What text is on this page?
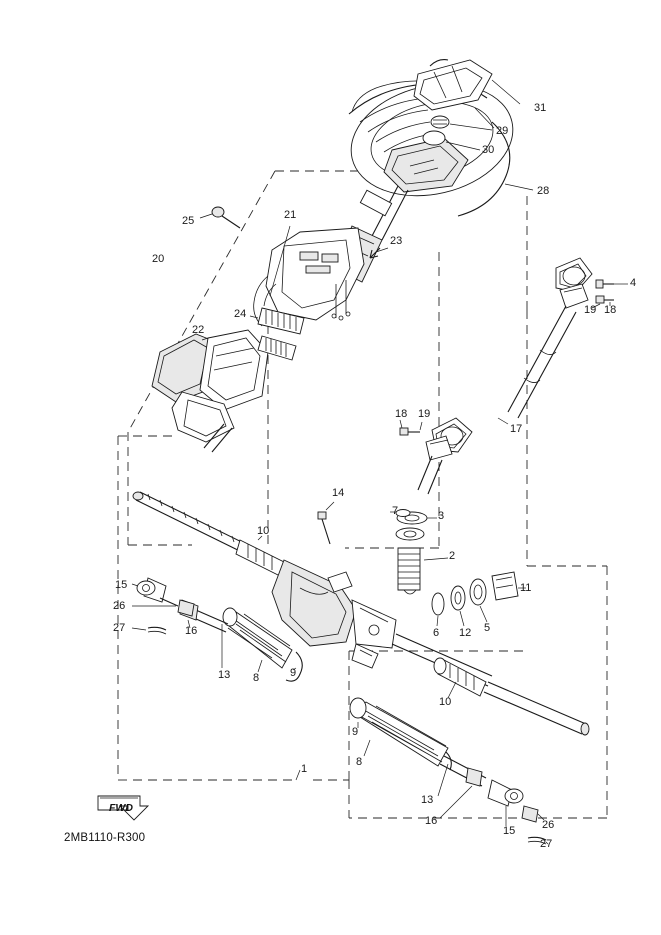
31
29
30
28
25	21
23
20
24
22
19 18
4
18 19
17
14
7	3
10
2
15
26
27	16
11
6 12 5
13 8	9
10
9
8
1
13
16
15 26
27
FWD
2MB1110-R300
